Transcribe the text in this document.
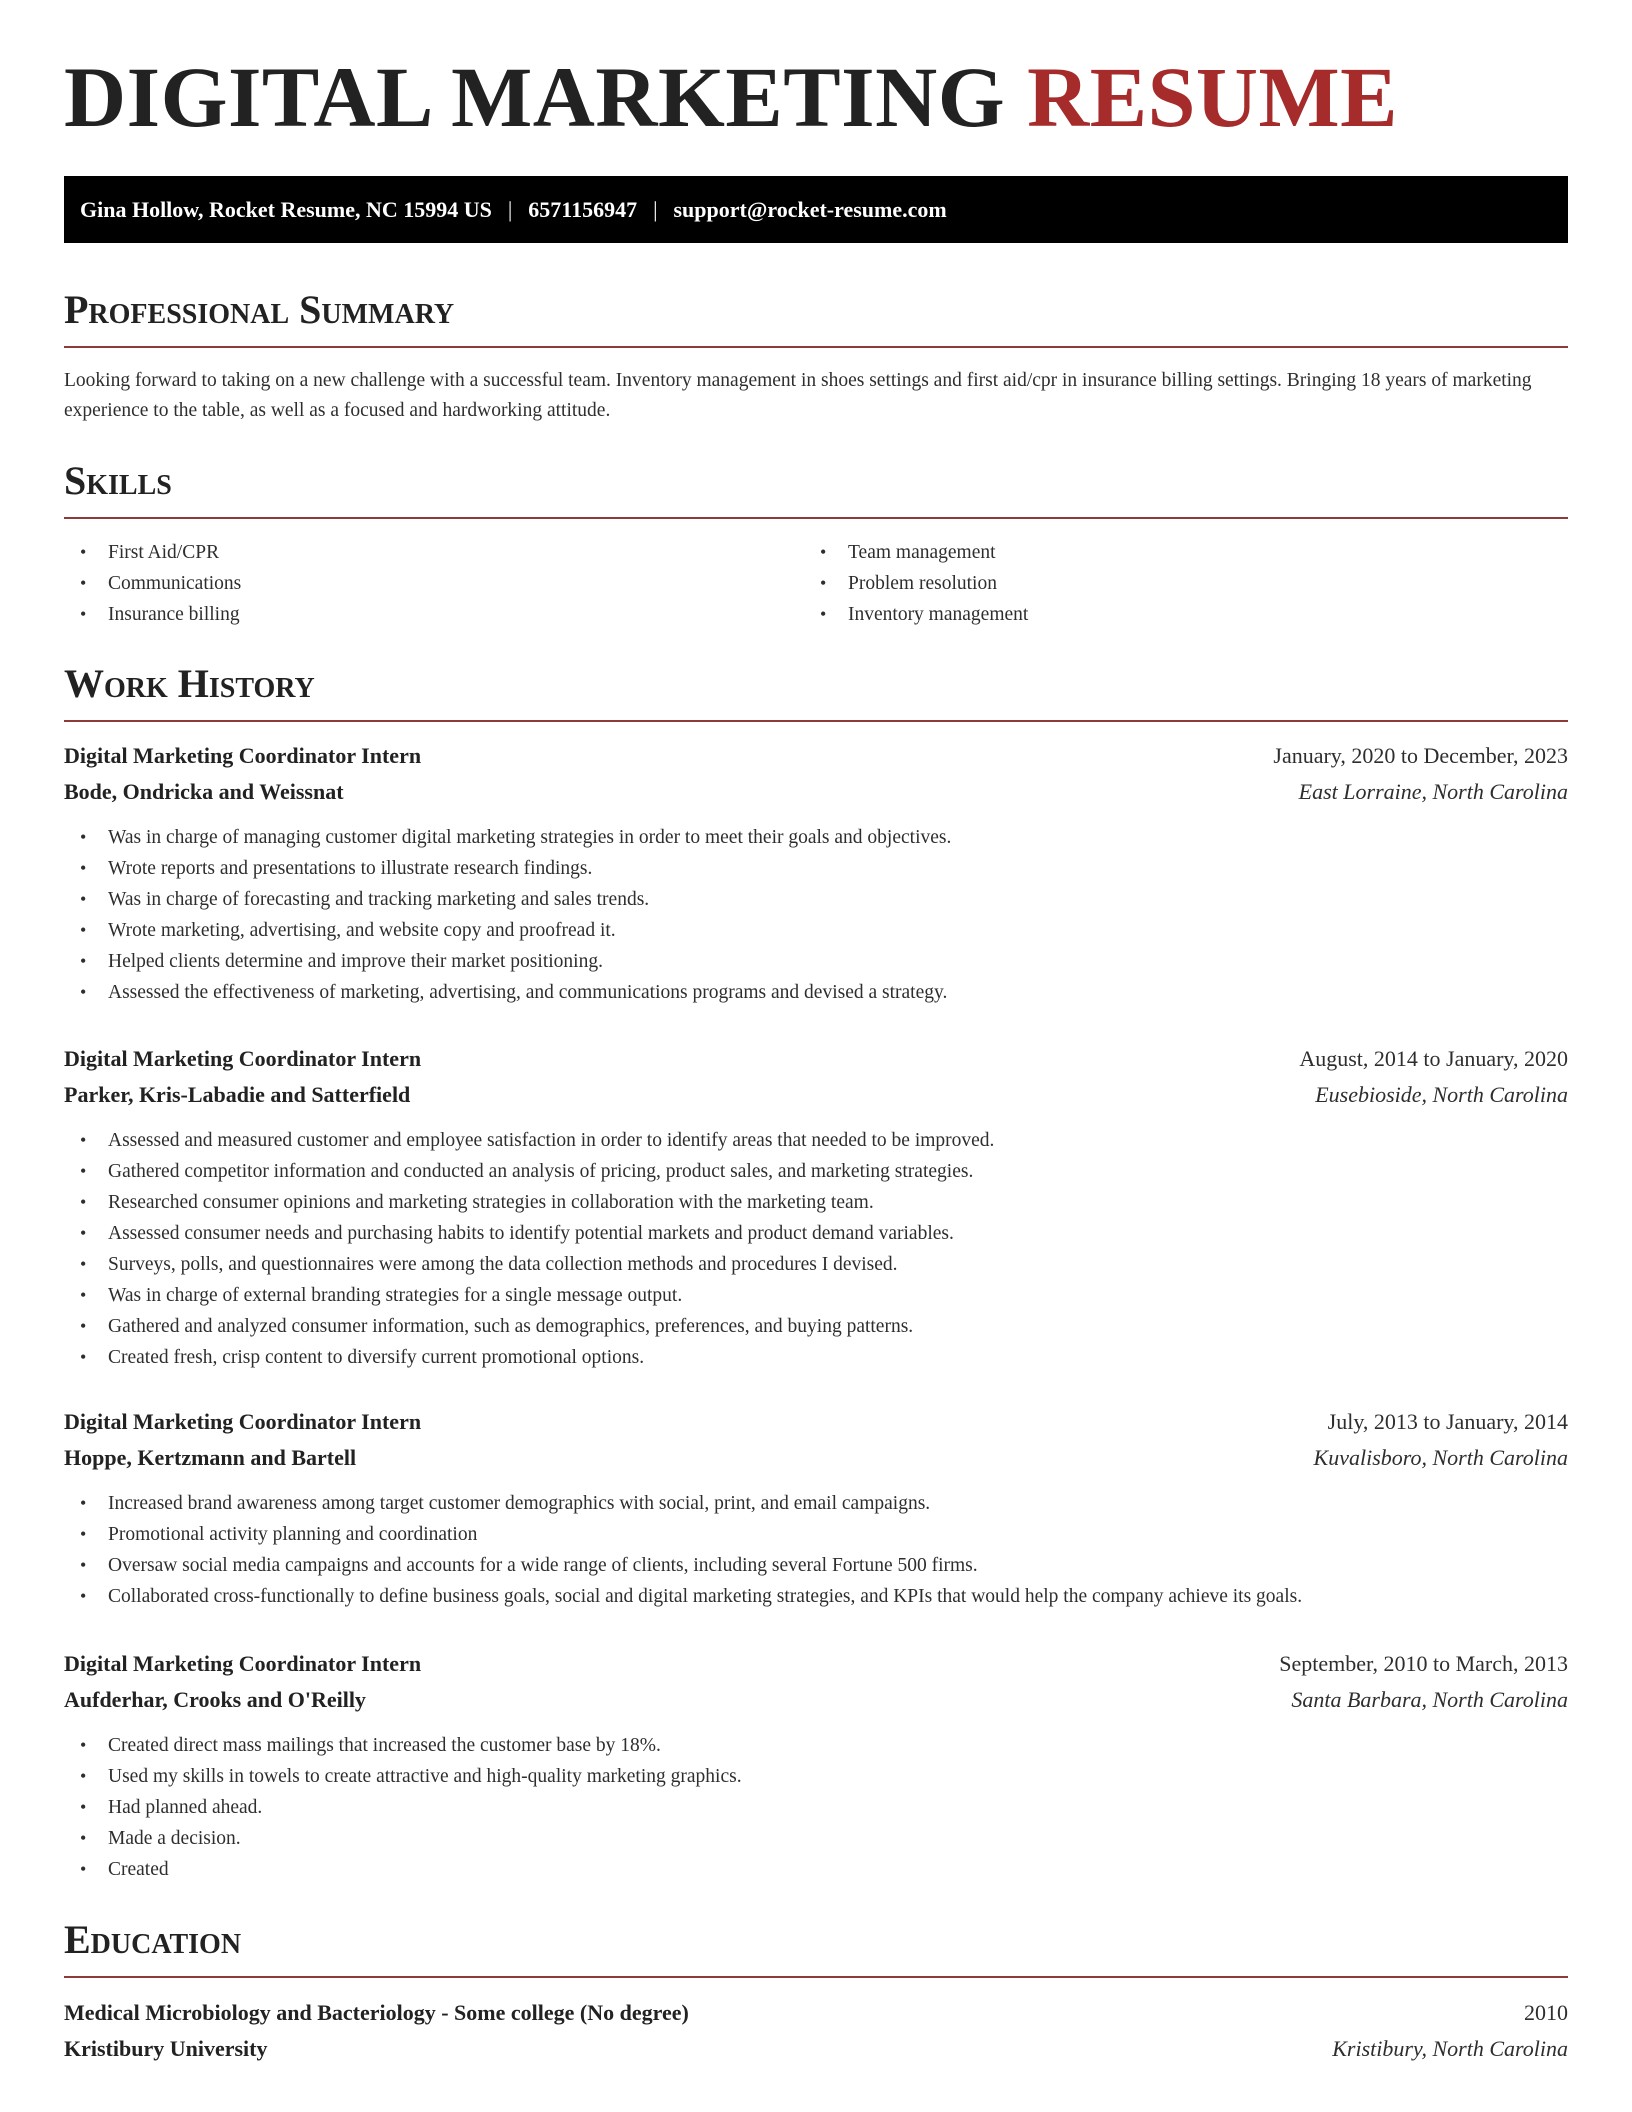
DIGITAL MARKETING RESUME
Gina Hollow, Rocket Resume, NC 15994 US | 6571156947 | support@rocket-resume.com
Professional Summary

Looking forward to taking on a new challenge with a successful team. Inventory management in shoes settings and first aid/cpr in insurance billing settings. Bringing 18 years of marketing experience to the table, as well as a focused and hardworking attitude.

Skills
• First Aid/CPR
• Communications
• Insurance billing
• Team management
• Problem resolution
• Inventory management
Work History
Digital Marketing Coordinator Intern	January, 2020 to December, 2023
Bode, Ondricka and Weissnat	East Lorraine, North Carolina
• Was in charge of managing customer digital marketing strategies in order to meet their goals and objectives.
• Wrote reports and presentations to illustrate research findings.
• Was in charge of forecasting and tracking marketing and sales trends.
• Wrote marketing, advertising, and website copy and proofread it.
• Helped clients determine and improve their market positioning.
• Assessed the effectiveness of marketing, advertising, and communications programs and devised a strategy.
Digital Marketing Coordinator Intern	August, 2014 to January, 2020
Parker, Kris-Labadie and Satterfield	Eusebioside, North Carolina
• Assessed and measured customer and employee satisfaction in order to identify areas that needed to be improved.
• Gathered competitor information and conducted an analysis of pricing, product sales, and marketing strategies.
• Researched consumer opinions and marketing strategies in collaboration with the marketing team.
• Assessed consumer needs and purchasing habits to identify potential markets and product demand variables.
• Surveys, polls, and questionnaires were among the data collection methods and procedures I devised.
• Was in charge of external branding strategies for a single message output.
• Gathered and analyzed consumer information, such as demographics, preferences, and buying patterns.
• Created fresh, crisp content to diversify current promotional options.
Digital Marketing Coordinator Intern	July, 2013 to January, 2014
Hoppe, Kertzmann and Bartell	Kuvalisboro, North Carolina
• Increased brand awareness among target customer demographics with social, print, and email campaigns.
• Promotional activity planning and coordination
• Oversaw social media campaigns and accounts for a wide range of clients, including several Fortune 500 firms.
• Collaborated cross-functionally to define business goals, social and digital marketing strategies, and KPIs that would help the company achieve its goals.
Digital Marketing Coordinator Intern	September, 2010 to March, 2013
Aufderhar, Crooks and O'Reilly	Santa Barbara, North Carolina
• Created direct mass mailings that increased the customer base by 18%.
• Used my skills in towels to create attractive and high-quality marketing graphics.
• Had planned ahead.
• Made a decision.
• Created
Education
Medical Microbiology and Bacteriology - Some college (No degree)	2010
Kristibury University	Kristibury, North Carolina
